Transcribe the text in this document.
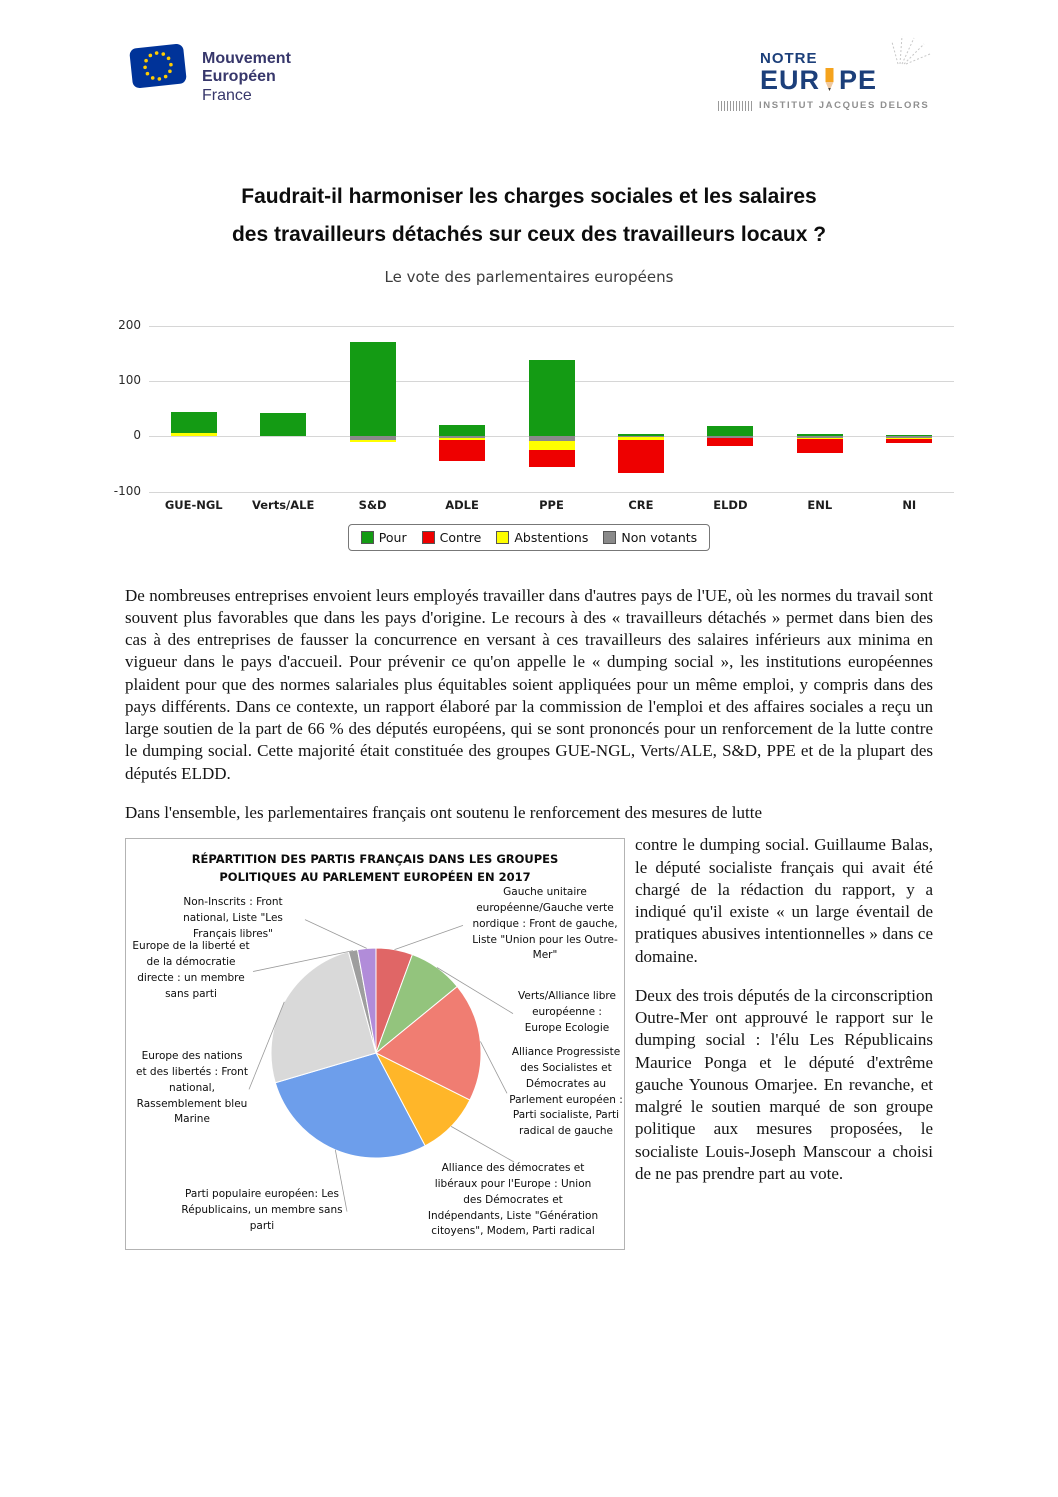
Mouvement
Européen
France
NOTRE
EUR PE
INSTITUT JACQUES DELORS
Faudrait-il harmoniser les charges sociales et les salaires
des travailleurs détachés sur ceux des travailleurs locaux ?
Le vote des parlementaires européens
200
100
0
-100
GUE-NGL	Verts/ALE	S&D	ADLE	PPE	CRE	ELDD	ENL	NI
Pour	Contre	Abstentions	Non votants

De nombreuses entreprises envoient leurs employés travailler dans d'autres pays de l'UE, où les normes du travail sont souvent plus favorables que dans les pays d'origine. Le recours à des « travailleurs détachés » permet dans bien des cas à des entreprises de fausser la concurrence en versant à ces travailleurs des salaires inférieurs aux minima en vigueur dans le pays d'accueil. Pour prévenir ce qu'on appelle le « dumping social », les institutions européennes plaident pour que des normes salariales plus équitables soient appliquées pour un même emploi, y compris dans des pays différents. Dans ce contexte, un rapport élaboré par la commission de l'emploi et des affaires sociales a reçu un large soutien de la part de 66 % des députés européens, qui se sont prononcés pour un renforcement de la lutte contre le dumping social. Cette majorité était constituée des groupes GUE-NGL, Verts/ALE, S&D, PPE et de la plupart des députés ELDD.

Dans l'ensemble, les parlementaires français ont soutenu le renforcement des mesures de lutte

RÉPARTITION DES PARTIS FRANÇAIS DANS LES GROUPES POLITIQUES AU PARLEMENT EUROPÉEN EN 2017
Gauche unitaire européenne/Gauche verte nordique : Front de gauche, Liste "Union pour les Outre-Mer"
Verts/Alliance libre européenne : Europe Ecologie
Alliance Progressiste des Socialistes et Démocrates au Parlement européen : Parti socialiste, Parti radical de gauche
Alliance des démocrates et libéraux pour l'Europe : Union des Démocrates et Indépendants, Liste "Génération citoyens", Modem, Parti radical
Parti populaire européen: Les Républicains, un membre sans parti
Europe des nations et des libertés : Front national, Rassemblement bleu Marine
Europe de la liberté et de la démocratie directe : un membre sans parti
Non-Inscrits : Front national, Liste "Les Français libres"

contre le dumping social. Guillaume Balas, le député socialiste français qui avait été chargé de la rédaction du rapport, y a indiqué qu'il existe « un large éventail de pratiques abusives intentionnelles » dans ce domaine.

Deux des trois députés de la circonscription Outre-Mer ont approuvé le rapport sur le dumping social : l'élu Les Républicains Maurice Ponga et le député d'extrême gauche Younous Omarjee. En revanche, et malgré le soutien marqué de son groupe politique aux mesures proposées, le socialiste Louis-Joseph Manscour a choisi de ne pas prendre part au vote.
